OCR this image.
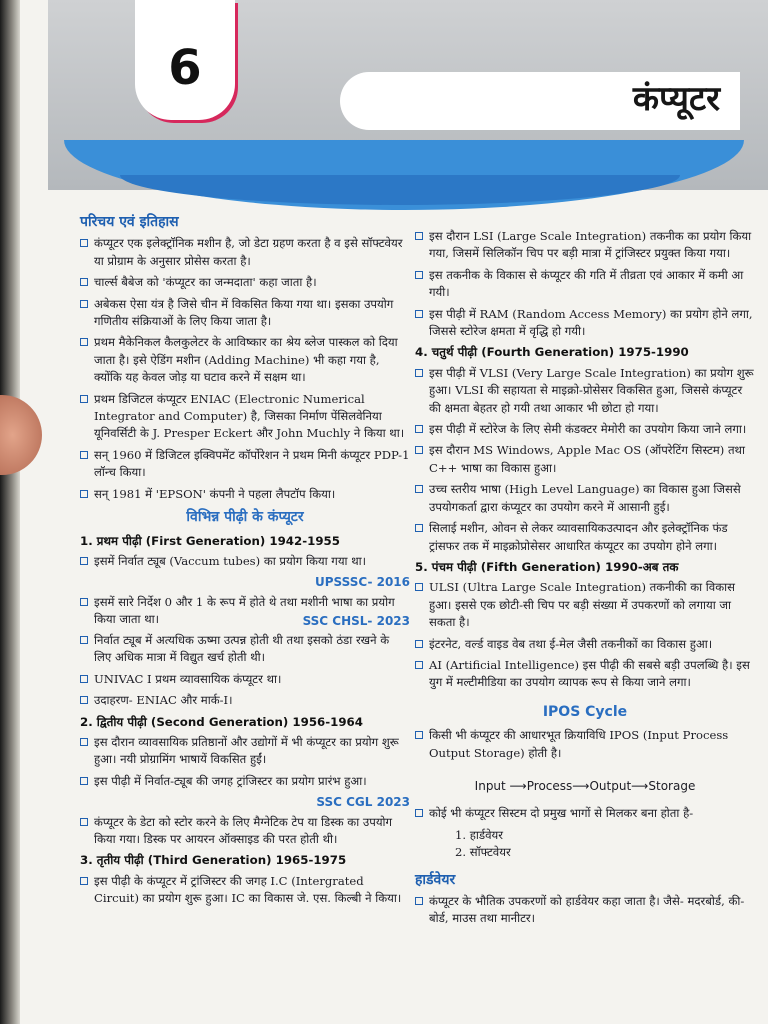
6
कंप्यूटर
परिचय एवं इतिहास
कंप्यूटर एक इलेक्ट्रॉनिक मशीन है, जो डेटा ग्रहण करता है व इसे सॉफ्टवेयर या प्रोग्राम के अनुसार प्रोसेस करता है।
चार्ल्स बैबेज को 'कंप्यूटर का जन्मदाता' कहा जाता है।
अबेकस ऐसा यंत्र है जिसे चीन में विकसित किया गया था। इसका उपयोग गणितीय संक्रियाओं के लिए किया जाता है।
प्रथम मैकेनिकल कैलकुलेटर के आविष्कार का श्रेय ब्लेज पास्कल को दिया जाता है। इसे ऐडिंग मशीन (Adding Machine) भी कहा गया है, क्योंकि यह केवल जोड़ या घटाव करने में सक्षम था।
प्रथम डिजिटल कंप्यूटर ENIAC (Electronic Numerical Integrator and Computer) है, जिसका निर्माण पेंसिलवेनिया यूनिवर्सिटी के J. Presper Eckert और John Muchly ने किया था।
सन् 1960 में डिजिटल इक्विपमेंट कॉर्पोरेशन ने प्रथम मिनी कंप्यूटर PDP-1 लॉन्च किया।
सन् 1981 में 'EPSON' कंपनी ने पहला लैपटॉप किया।
विभिन्न पीढ़ी के कंप्यूटर
1. प्रथम पीढ़ी (First Generation) 1942-1955
इसमें निर्वात ट्यूब (Vaccum tubes) का प्रयोग किया गया था।
UPSSSC- 2016
इसमें सारे निर्देश 0 और 1 के रूप में होते थे तथा मशीनी भाषा का प्रयोग किया जाता था।	SSC CHSL- 2023
निर्वात ट्यूब में अत्यधिक ऊष्मा उत्पन्न होती थी तथा इसको ठंडा रखने के लिए अधिक मात्रा में विद्युत खर्च होती थी।
UNIVAC I प्रथम व्यावसायिक कंप्यूटर था।
उदाहरण- ENIAC और मार्क-I।
2. द्वितीय पीढ़ी (Second Generation) 1956-1964
इस दौरान व्यावसायिक प्रतिष्ठानों और उद्योगों में भी कंप्यूटर का प्रयोग शुरू हुआ। नयी प्रोग्रामिंग भाषायें विकसित हुईं।
इस पीढ़ी में निर्वात-ट्यूब की जगह ट्रांजिस्टर का प्रयोग प्रारंभ हुआ।
SSC CGL 2023
कंप्यूटर के डेटा को स्टोर करने के लिए मैग्नेटिक टेप या डिस्क का उपयोग किया गया। डिस्क पर आयरन ऑक्साइड की परत होती थी।
3. तृतीय पीढ़ी (Third Generation) 1965-1975
इस पीढ़ी के कंप्यूटर में ट्रांजिस्टर की जगह I.C (Intergrated Circuit) का प्रयोग शुरू हुआ। IC का विकास जे. एस. किल्बी ने किया।
इस दौरान LSI (Large Scale Integration) तकनीक का प्रयोग किया गया, जिसमें सिलिकॉन चिप पर बड़ी मात्रा में ट्रांजिस्टर प्रयुक्त किया गया।
इस तकनीक के विकास से कंप्यूटर की गति में तीव्रता एवं आकार में कमी आ गयी।
इस पीढ़ी में RAM (Random Access Memory) का प्रयोग होने लगा, जिससे स्टोरेज क्षमता में वृद्धि हो गयी।
4. चतुर्थ पीढ़ी (Fourth Generation) 1975-1990
इस पीढ़ी में VLSI (Very Large Scale Integration) का प्रयोग शुरू हुआ। VLSI की सहायता से माइक्रो-प्रोसेसर विकसित हुआ, जिससे कंप्यूटर की क्षमता बेहतर हो गयी तथा आकार भी छोटा हो गया।
इस पीढ़ी में स्टोरेज के लिए सेमी कंडक्टर मेमोरी का उपयोग किया जाने लगा।
इस दौरान MS Windows, Apple Mac OS (ऑपरेटिंग सिस्टम) तथा C++ भाषा का विकास हुआ।
उच्च स्तरीय भाषा (High Level Language) का विकास हुआ जिससे उपयोगकर्ता द्वारा कंप्यूटर का उपयोग करने में आसानी हुई।
सिलाई मशीन, ओवन से लेकर व्यावसायिकउत्पादन और इलेक्ट्रॉनिक फंड ट्रांसफर तक में माइक्रोप्रोसेसर आधारित कंप्यूटर का उपयोग होने लगा।
5. पंचम पीढ़ी (Fifth Generation) 1990-अब तक
ULSI (Ultra Large Scale Integration) तकनीकी का विकास हुआ। इससे एक छोटी-सी चिप पर बड़ी संख्या में उपकरणों को लगाया जा सकता है।
इंटरनेट, वर्ल्ड वाइड वेब तथा ई-मेल जैसी तकनीकों का विकास हुआ।
AI (Artificial Intelligence) इस पीढ़ी की सबसे बड़ी उपलब्धि है। इस युग में मल्टीमीडिया का उपयोग व्यापक रूप से किया जाने लगा।
IPOS Cycle
किसी भी कंप्यूटर की आधारभूत क्रियाविधि IPOS (Input Process Output Storage) होती है।
Input ⟶Process⟶Output⟶Storage
कोई भी कंप्यूटर सिस्टम दो प्रमुख भागों से मिलकर बना होता है-
1. हार्डवेयर
2. सॉफ्टवेयर
हार्डवेयर
कंप्यूटर के भौतिक उपकरणों को हार्डवेयर कहा जाता है। जैसे- मदरबोर्ड, की-बोर्ड, माउस तथा मानीटर।
